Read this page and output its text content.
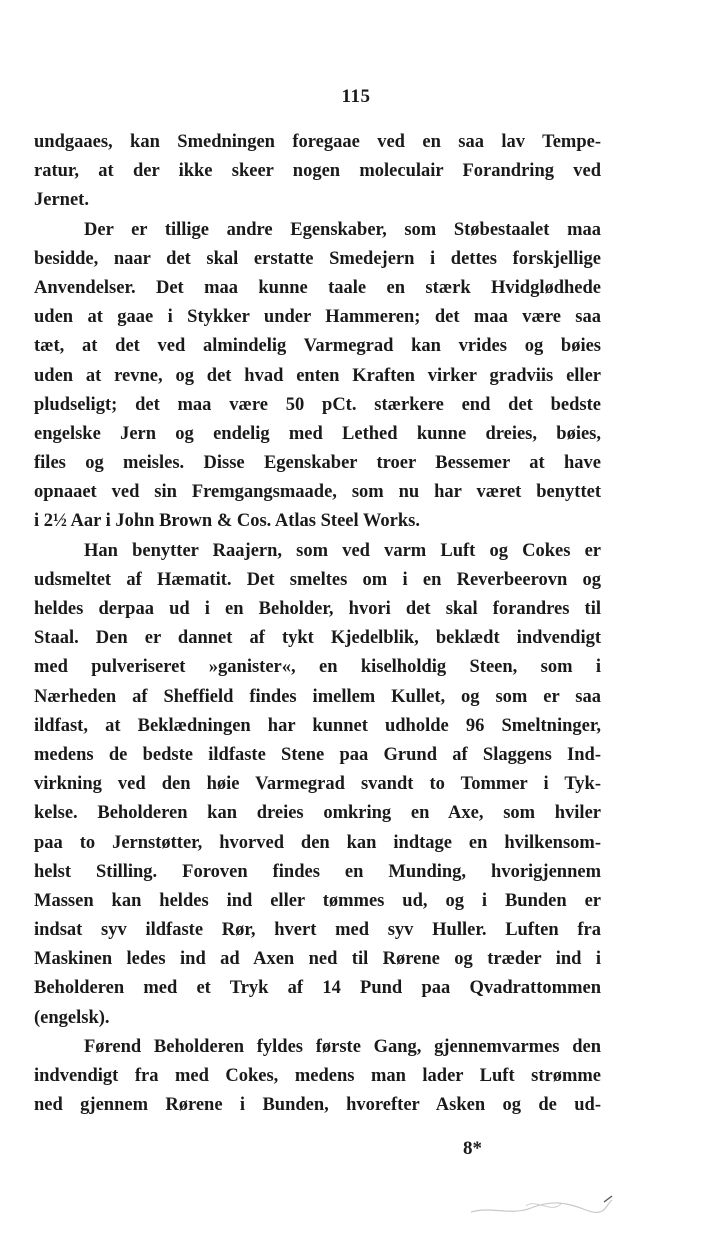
115
undgaaes, kan Smedningen foregaae ved en saa lav Tempe-
ratur, at der ikke skeer nogen moleculair Forandring ved
Jernet.
Der er tillige andre Egenskaber, som Støbestaalet maa
besidde, naar det skal erstatte Smedejern i dettes forskjellige
Anvendelser. Det maa kunne taale en stærk Hvidglødhede
uden at gaae i Stykker under Hammeren; det maa være saa
tæt, at det ved almindelig Varmegrad kan vrides og bøies
uden at revne, og det hvad enten Kraften virker gradviis eller
pludseligt; det maa være 50 pCt. stærkere end det bedste
engelske Jern og endelig med Lethed kunne dreies, bøies,
files og meisles. Disse Egenskaber troer Bessemer at have
opnaaet ved sin Fremgangsmaade, som nu har været benyttet
i 2½ Aar i John Brown & Cos. Atlas Steel Works.
Han benytter Raajern, som ved varm Luft og Cokes er
udsmeltet af Hæmatit. Det smeltes om i en Reverbeerovn og
heldes derpaa ud i en Beholder, hvori det skal forandres til
Staal. Den er dannet af tykt Kjedelblik, beklædt indvendigt
med pulveriseret »ganister«, en kiselholdig Steen, som i
Nærheden af Sheffield findes imellem Kullet, og som er saa
ildfast, at Beklædningen har kunnet udholde 96 Smeltninger,
medens de bedste ildfaste Stene paa Grund af Slaggens Ind-
virkning ved den høie Varmegrad svandt to Tommer i Tyk-
kelse. Beholderen kan dreies omkring en Axe, som hviler
paa to Jernstøtter, hvorved den kan indtage en hvilkensom-
helst Stilling. Foroven findes en Munding, hvorigjennem
Massen kan heldes ind eller tømmes ud, og i Bunden er
indsat syv ildfaste Rør, hvert med syv Huller. Luften fra
Maskinen ledes ind ad Axen ned til Rørene og træder ind i
Beholderen med et Tryk af 14 Pund paa Qvadrattommen
(engelsk).
Førend Beholderen fyldes første Gang, gjennemvarmes den
indvendigt fra med Cokes, medens man lader Luft strømme
ned gjennem Rørene i Bunden, hvorefter Asken og de ud-
8*
